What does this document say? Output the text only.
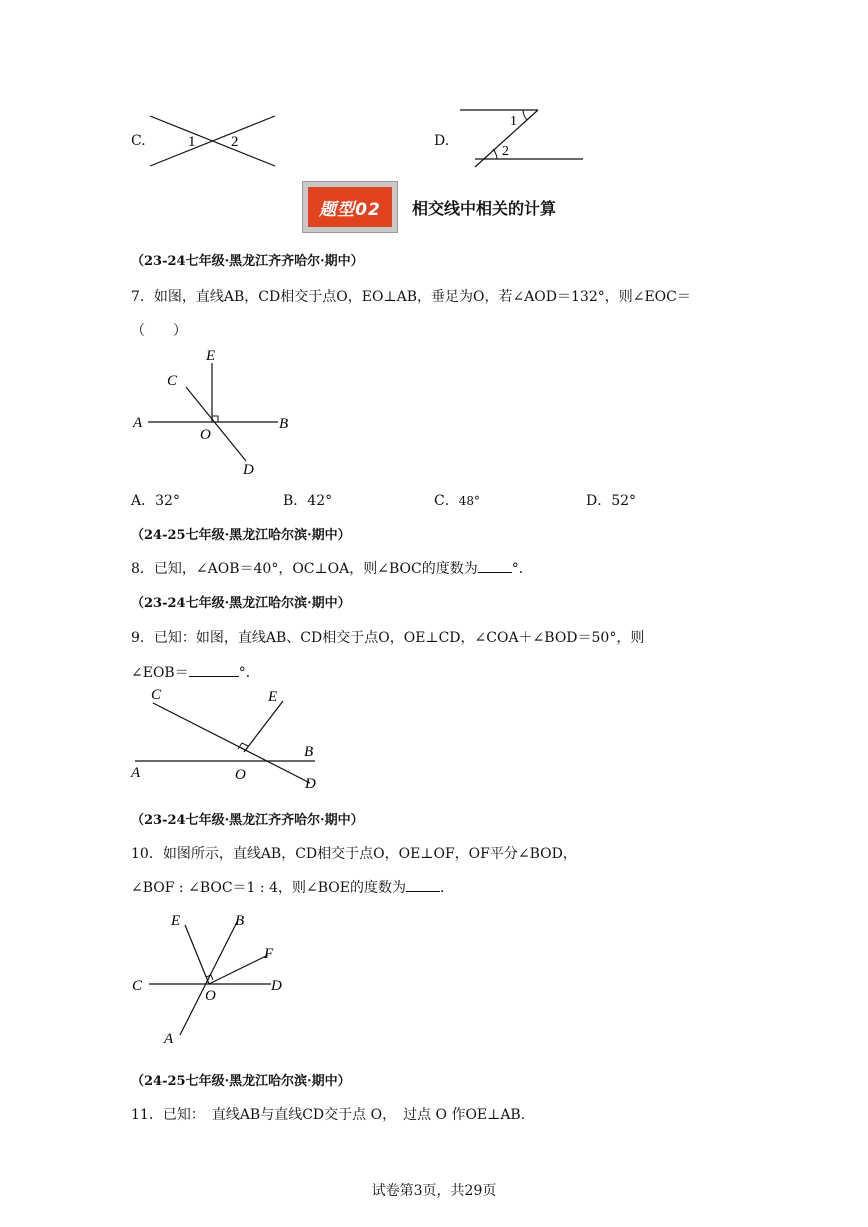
C.	1 2	D.
1
2
题型02	相交线中相关的计算
（23-24七年级·黑龙江齐齐哈尔·期中）
7．如图，直线AB，CD相交于点O，EO⊥AB，垂足为O，若∠AOD＝132°，则∠EOC＝
（　　）
E
C
A	B
O
D
A．32°	B．42°	C．48°	D．52°
（24-25七年级·黑龙江哈尔滨·期中）
8．已知，∠AOB＝40°，OC⊥OA，则∠BOC的度数为 °．
（23-24七年级·黑龙江哈尔滨·期中）
9．已知：如图，直线AB、CD相交于点O，OE⊥CD，∠COA＋∠BOD＝50°，则
∠EOB＝	°．
C	E
B
A	O
D
（23-24七年级·黑龙江齐齐哈尔·期中）
10．如图所示，直线AB，CD相交于点O，OE⊥OF，OF平分∠BOD，
∠BOF : ∠BOC＝1 : 4，则∠BOE的度数为 ．
E	B
F
C
O
D
A
（24-25七年级·黑龙江哈尔滨·期中）
11．已知：　直线AB与直线CD交于点 O，　过点 O 作OE⊥AB.
试卷第3页，共29页
